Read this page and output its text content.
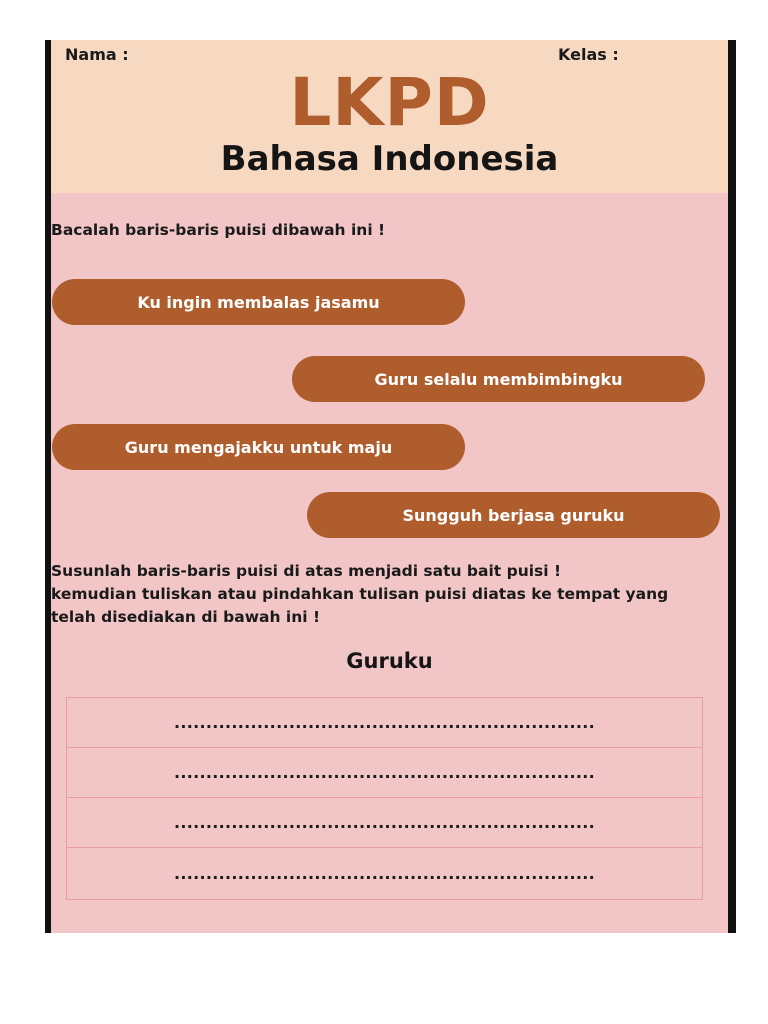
Nama :	Kelas :
LKPD
Bahasa Indonesia
Bacalah baris-baris puisi dibawah ini !
Ku ingin membalas jasamu
Guru selalu membimbingku
Guru mengajakku untuk maju
Sungguh berjasa guruku
Susunlah baris-baris puisi di atas menjadi satu bait puisi !
kemudian tuliskan atau pindahkan tulisan puisi diatas ke tempat yang
telah disediakan di bawah ini !
Guruku
..................................................................
..................................................................
..................................................................
..................................................................
